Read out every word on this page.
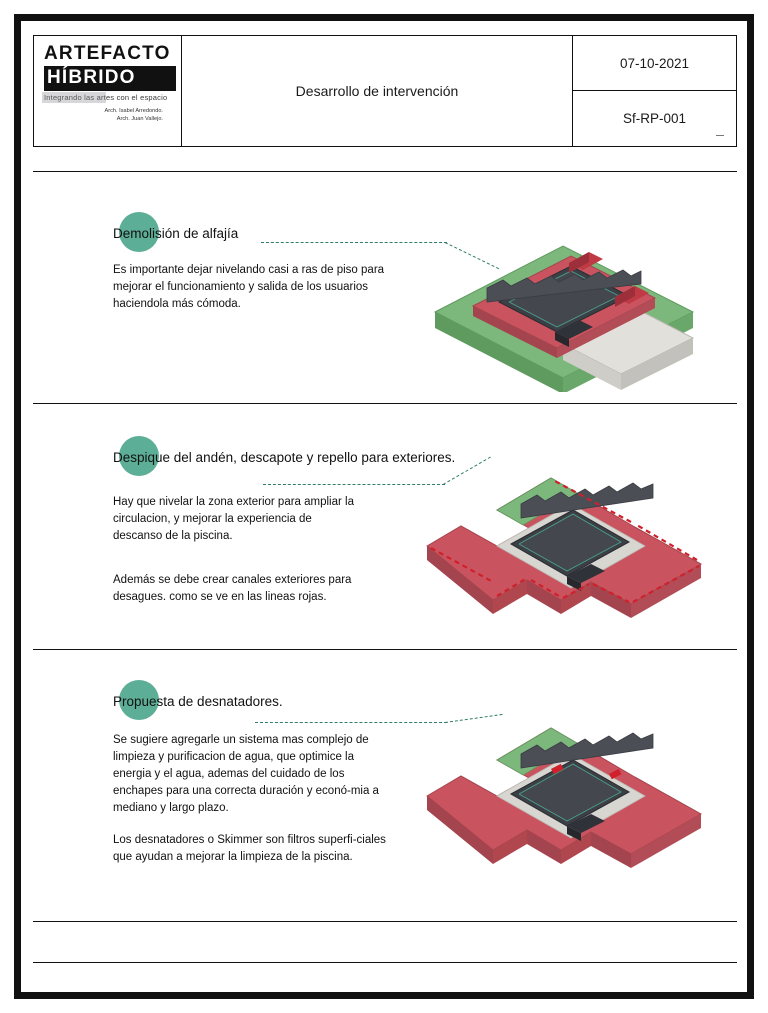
ARTEFACTO
HÍBRIDO
Integrando las artes con el espacio
Arch. Isabel Arredondo.
Arch. Juan Vallejo.
Desarrollo de intervención
07-10-2021
Sf-RP-001
Demolisión de alfajía
Es importante dejar nivelando casi a ras de piso para mejorar el funcionamiento y salida de los usuarios haciendola más cómoda.
Despique del andén, descapote y repello para exteriores.
Hay que nivelar la zona exterior para ampliar la circulacion, y mejorar la experiencia de descanso de la piscina.
Además se debe crear canales exteriores para desagues. como se ve en las lineas rojas.
Propuesta de desnatadores.
Se sugiere agregarle un sistema mas complejo de limpieza y purificacion de agua, que optimice la energia y el agua, ademas del cuidado de los enchapes para una correcta duración y econó-mia a mediano y largo plazo.
Los desnatadores o Skimmer son filtros superfi-ciales que ayudan a mejorar la limpieza de la piscina.
